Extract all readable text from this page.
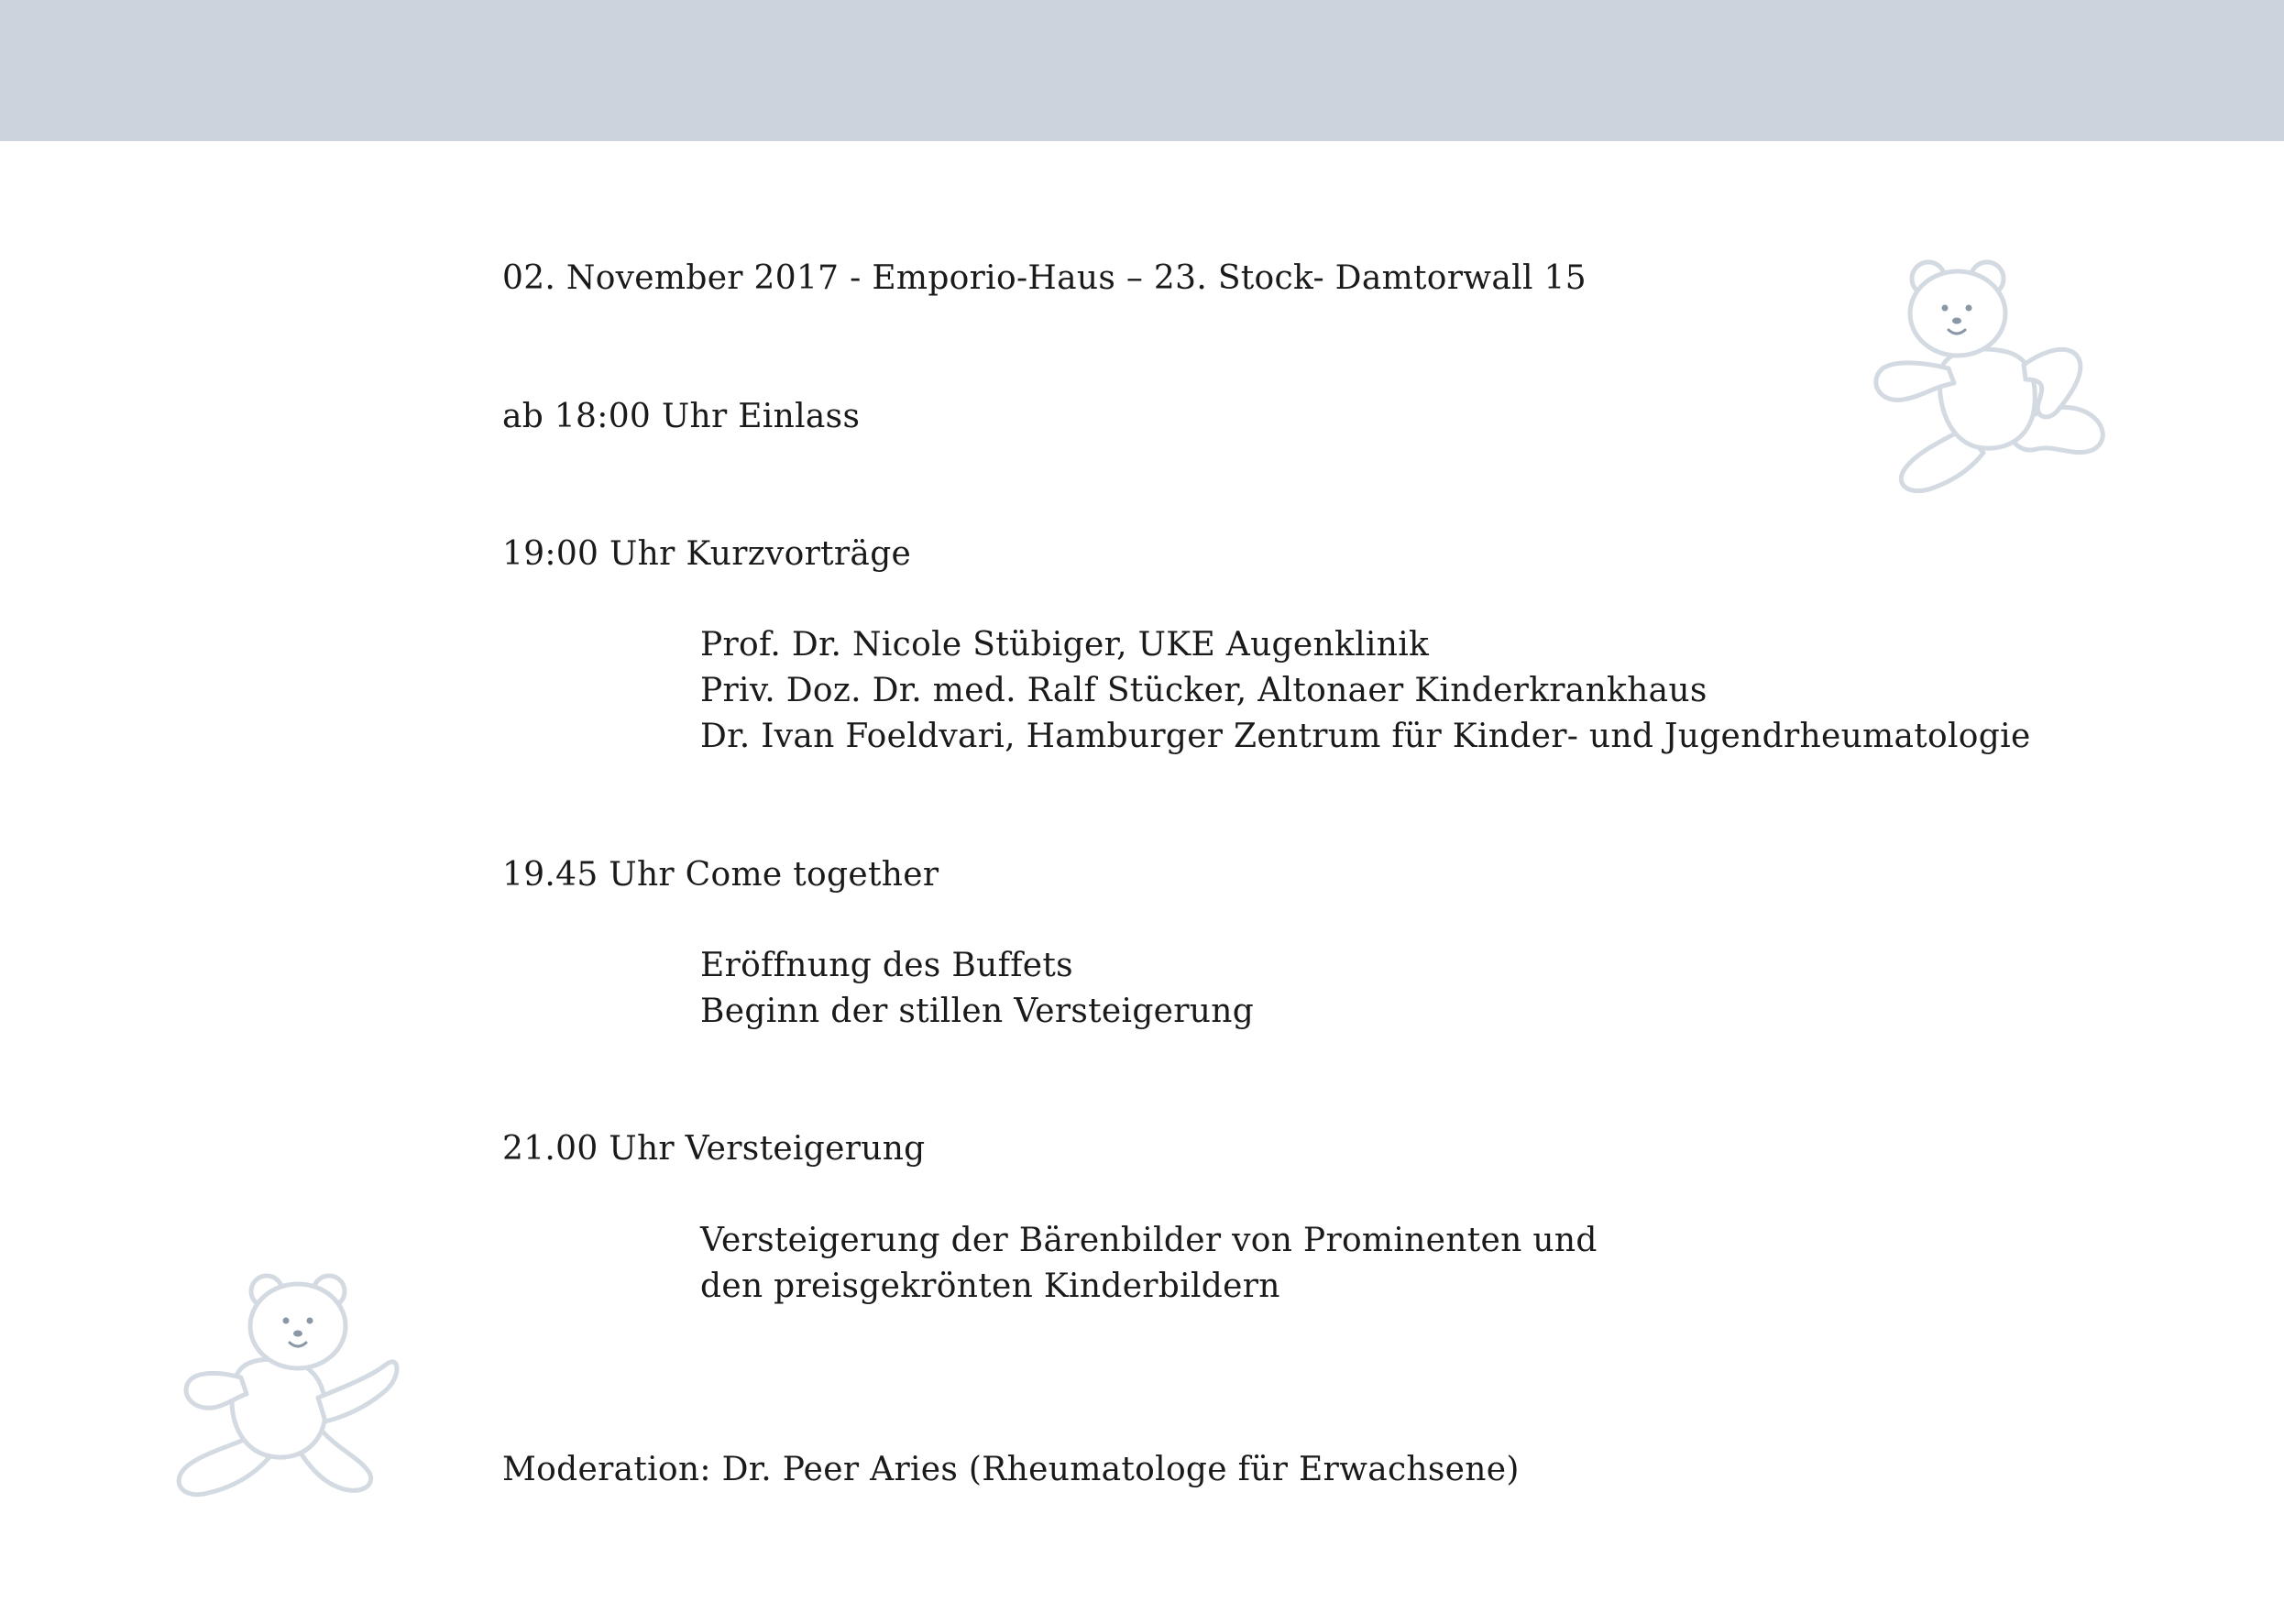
02. November 2017 - Emporio-Haus – 23. Stock- Damtorwall 15

ab 18:00 Uhr Einlass

19:00 Uhr Kurzvorträge

Prof. Dr. Nicole Stübiger, UKE Augenklinik

Priv. Doz. Dr. med. Ralf Stücker, Altonaer Kinderkrankhaus

Dr. Ivan Foeldvari, Hamburger Zentrum für Kinder- und Jugendrheumatologie

19.45 Uhr Come together

Eröffnung des Buffets

Beginn der stillen Versteigerung

21.00 Uhr Versteigerung

Versteigerung der Bärenbilder von Prominenten und

den preisgekrönten Kinderbildern

Moderation: Dr. Peer Aries (Rheumatologe für Erwachsene)
